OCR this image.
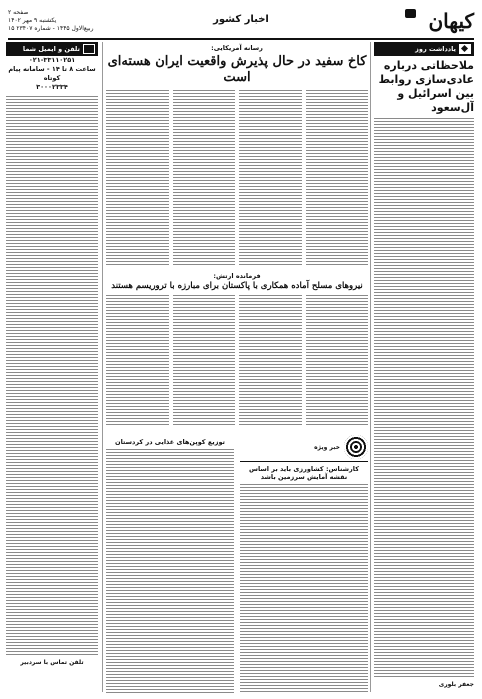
کیهان
اخبار کشور
صفحه ۲
یکشنبه ۹ مهر ۱۴۰۲
۱۵ ربیع‌الاول ۱۴۴۵ - شماره ۲۳۴۰۷
یادداشت روز
ملاحظاتی درباره عادی‌سازی روابط بین اسرائیل و آل‌سعود
جعفر بلوری
رسانه آمریکایی:
کاخ سفید در حال پذیرش واقعیت ایران هسته‌ای است
فرمانده ارتش:
نیروهای مسلح آماده همکاری با پاکستان برای مبارزه با تروریسم هستند
خبر ویژه
کارشناس: کشاورزی باید بر اساس نقشه آمایش سرزمین باشد
توزیع کوپن‌های غذایی در کردستان
تلفن و ایمیل شما
۰۲۱-۳۳۱۱۰۲۵۱
ساعت ۸ تا ۱۴ - سامانه پیام کوتاه
۳۰۰۰۲۳۳۴
تلفن تماس با سردبیر
